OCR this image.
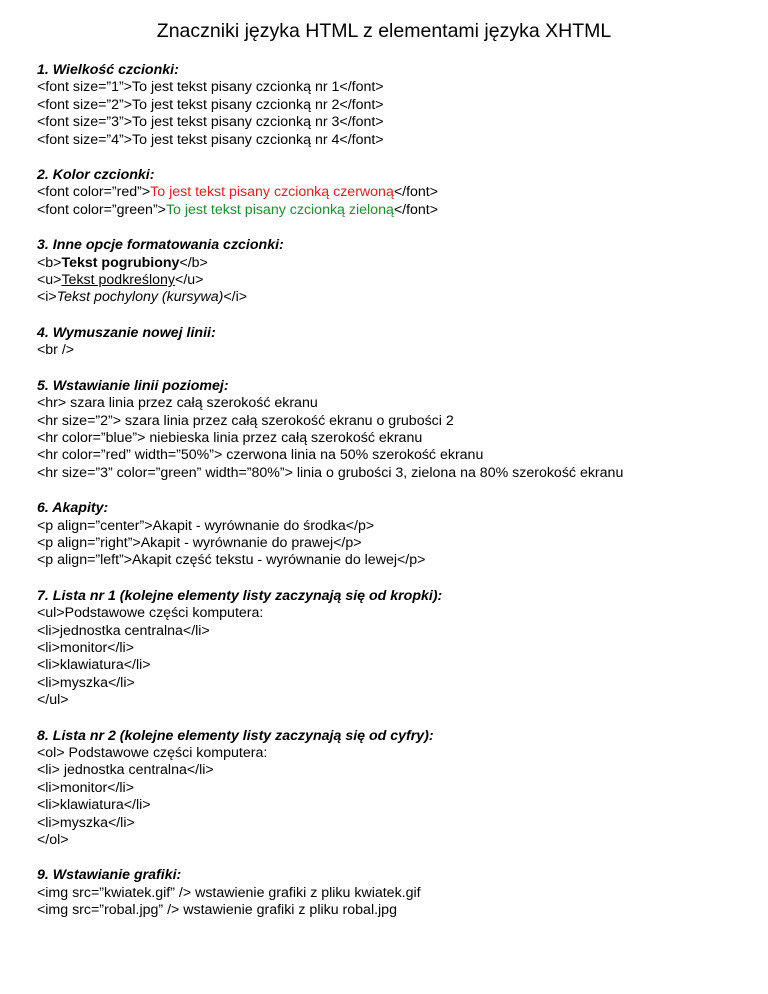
Znaczniki języka HTML z elementami języka XHTML
1. Wielkość czcionki:
<font size=”1”>To jest tekst pisany czcionką nr 1</font>
<font size=”2”>To jest tekst pisany czcionką nr 2</font>
<font size=”3”>To jest tekst pisany czcionką nr 3</font>
<font size=”4”>To jest tekst pisany czcionką nr 4</font>
2. Kolor czcionki:
<font color=”red”>To jest tekst pisany czcionką czerwoną</font>
<font color=”green”>To jest tekst pisany czcionką zieloną</font>
3. Inne opcje formatowania czcionki:
<b>Tekst pogrubiony</b>
<u>Tekst podkreślony</u>
<i>Tekst pochylony (kursywa)</i>
4. Wymuszanie nowej linii:
<br />
5. Wstawianie linii poziomej:
<hr> szara linia przez całą szerokość ekranu
<hr size=”2”> szara linia przez całą szerokość ekranu o grubości 2
<hr color=”blue”> niebieska linia przez całą szerokość ekranu
<hr color=”red” width=”50%”> czerwona linia na 50% szerokość ekranu
<hr size=”3” color=”green” width=”80%”> linia o grubości 3, zielona na 80% szerokość ekranu
6. Akapity:
<p align=”center”>Akapit - wyrównanie do środka</p>
<p align=”right”>Akapit - wyrównanie do prawej</p>
<p align=”left”>Akapit część tekstu - wyrównanie do lewej</p>
7. Lista nr 1 (kolejne elementy listy zaczynają się od kropki):
<ul>Podstawowe części komputera:
<li>jednostka centralna</li>
<li>monitor</li>
<li>klawiatura</li>
<li>myszka</li>
</ul>
8. Lista nr 2 (kolejne elementy listy zaczynają się od cyfry):
<ol> Podstawowe części komputera:
<li> jednostka centralna</li>
<li>monitor</li>
<li>klawiatura</li>
<li>myszka</li>
</ol>
9. Wstawianie grafiki:
<img src=”kwiatek.gif” /> wstawienie grafiki z pliku kwiatek.gif
<img src=”robal.jpg” /> wstawienie grafiki z pliku robal.jpg
